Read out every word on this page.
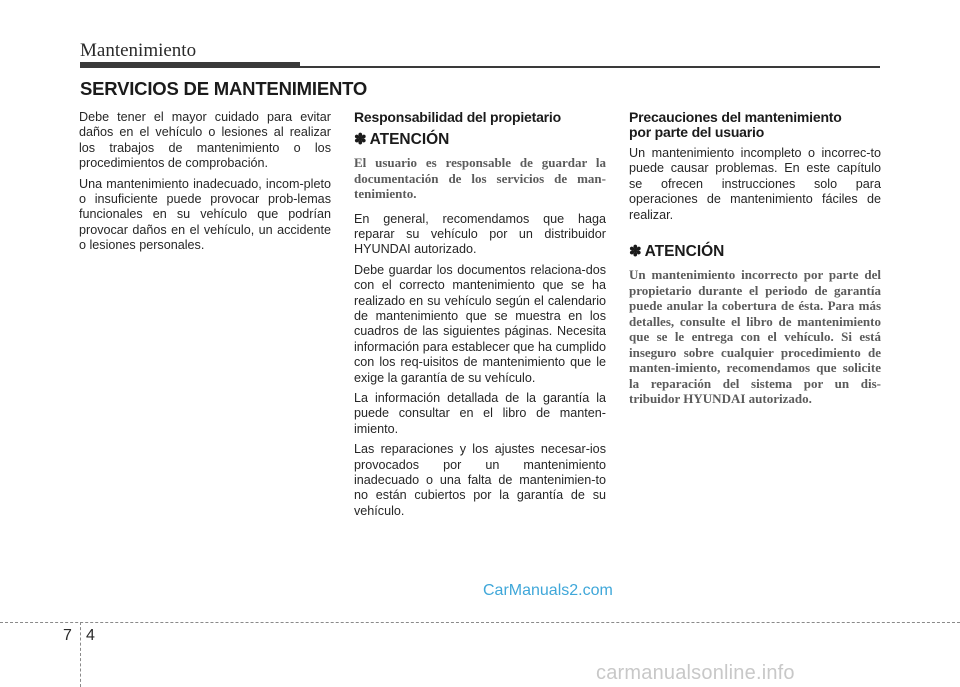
Mantenimiento
SERVICIOS DE MANTENIMIENTO

Debe tener el mayor cuidado para evitar daños en el vehículo o lesiones al realizar los trabajos de mantenimiento o los procedimientos de comprobación.

Una mantenimiento inadecuado, incom-pleto o insuficiente puede provocar prob-lemas funcionales en su vehículo que podrían provocar daños en el vehículo, un accidente o lesiones personales.

Responsabilidad del propietario
✽ ATENCIÓN
El usuario es responsable de guardar la documentación de los servicios de man-tenimiento.

En general, recomendamos que haga reparar su vehículo por un distribuidor HYUNDAI autorizado.

Debe guardar los documentos relaciona-dos con el correcto mantenimiento que se ha realizado en su vehículo según el calendario de mantenimiento que se muestra en los cuadros de las siguientes páginas. Necesita información para establecer que ha cumplido con los req-uisitos de mantenimiento que le exige la garantía de su vehículo.

La información detallada de la garantía la puede consultar en el libro de manten-imiento.

Las reparaciones y los ajustes necesar-ios provocados por un mantenimiento inadecuado o una falta de mantenimien-to no están cubiertos por la garantía de su vehículo.

Precauciones del mantenimiento
por parte del usuario

Un mantenimiento incompleto o incorrec-to puede causar problemas. En este capítulo se ofrecen instrucciones solo para operaciones de mantenimiento fáciles de realizar.

✽ ATENCIÓN
Un mantenimiento incorrecto por parte del propietario durante el periodo de garantía puede anular la cobertura de ésta. Para más detalles, consulte el libro de mantenimiento que se le entrega con el vehículo. Si está inseguro sobre cualquier procedimiento de manten-imiento, recomendamos que solicite la reparación del sistema por un dis-tribuidor HYUNDAI autorizado.
CarManuals2.com
7 4
carmanualsonline.info
